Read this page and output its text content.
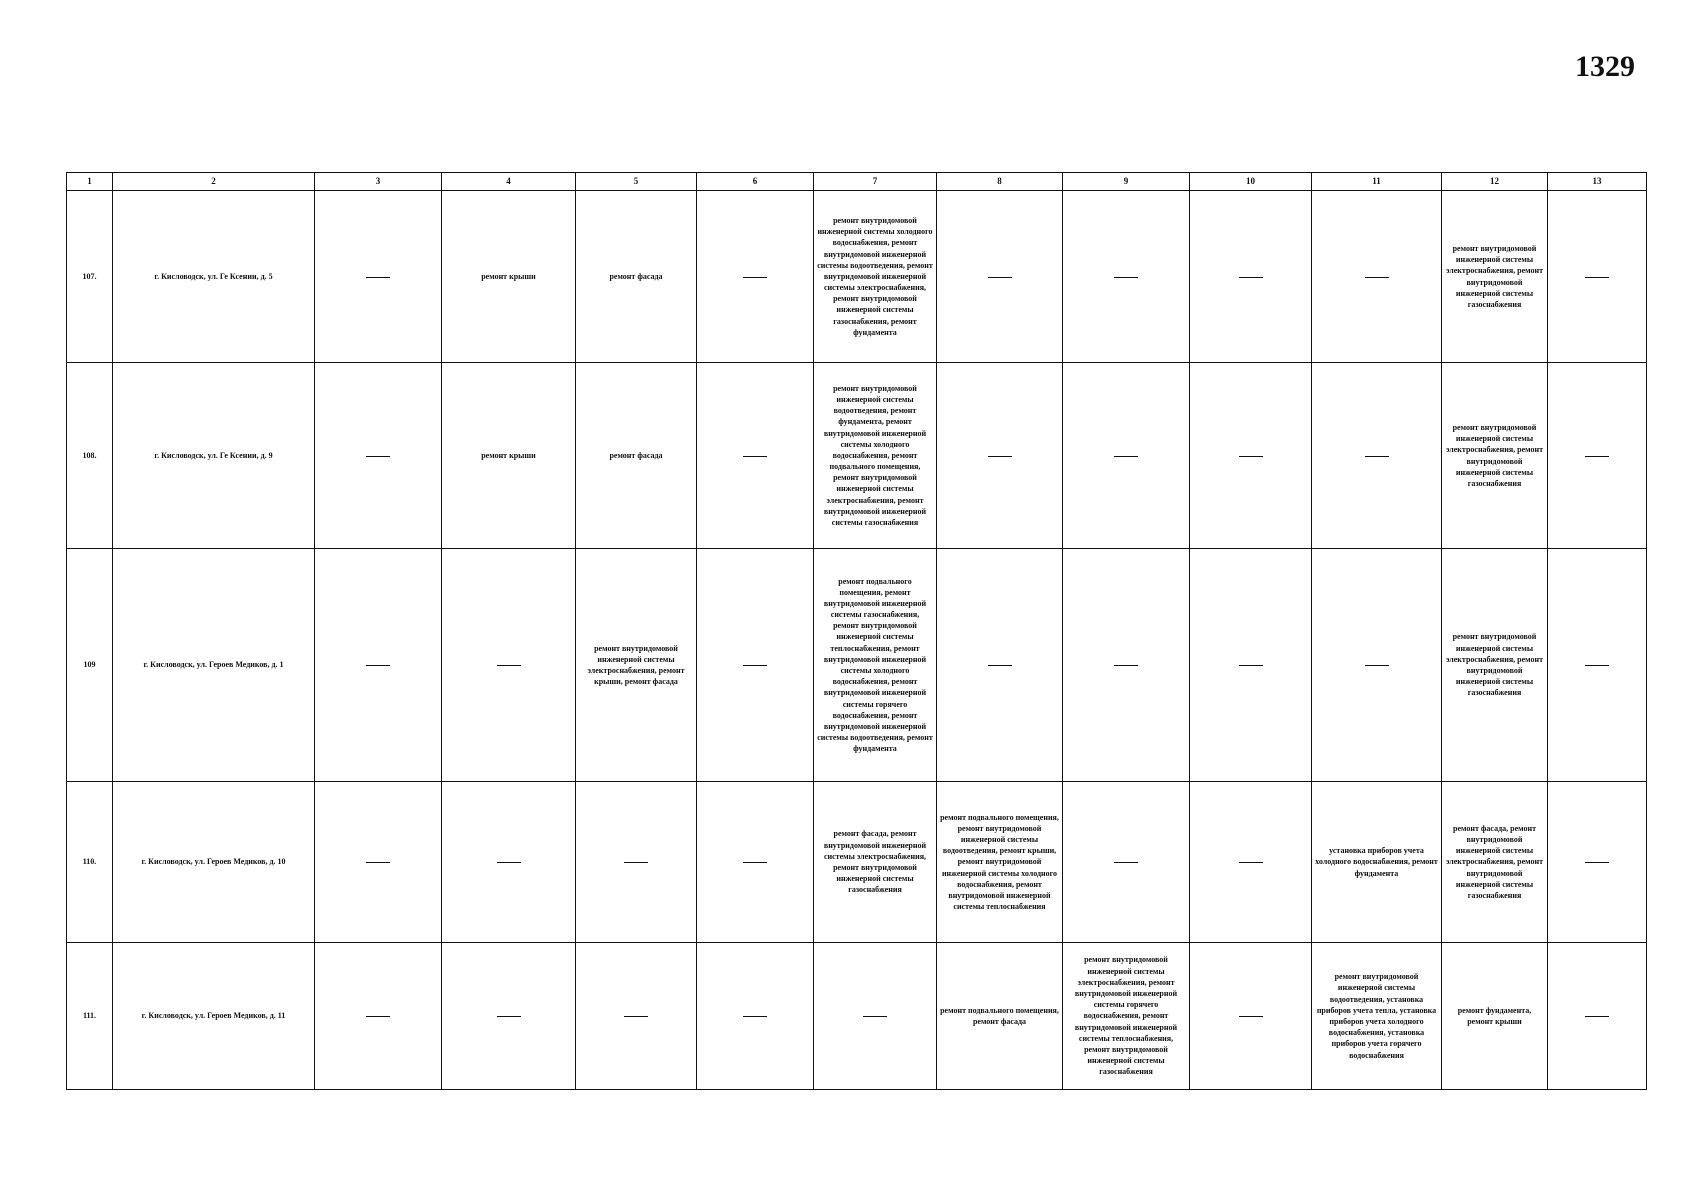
1329
1	2	3	4	5	6	7	8	9	10	11	12	13
107.	г. Кисловодск, ул. Ге Ксении, д. 5		ремонт крыши	ремонт фасада		ремонт внутридомовой инженерной системы холодного водоснабжения, ремонт внутридомовой инженерной системы водоотведения, ремонт внутридомовой инженерной системы электроснабжения, ремонт внутридомовой инженерной системы газоснабжения, ремонт фундамента					ремонт внутридомовой инженерной системы электроснабжения, ремонт внутридомовой инженерной системы газоснабжения	
108.	г. Кисловодск, ул. Ге Ксении, д. 9		ремонт крыши	ремонт фасада		ремонт внутридомовой инженерной системы водоотведения, ремонт фундамента, ремонт внутридомовой инженерной системы холодного водоснабжения, ремонт подвального помещения, ремонт внутридомовой инженерной системы электроснабжения, ремонт внутридомовой инженерной системы газоснабжения					ремонт внутридомовой инженерной системы электроснабжения, ремонт внутридомовой инженерной системы газоснабжения	
109	г. Кисловодск, ул. Героев Медиков, д. 1			ремонт внутридомовой инженерной системы электроснабжения, ремонт крыши, ремонт фасада		ремонт подвального помещения, ремонт внутридомовой инженерной системы газоснабжения, ремонт внутридомовой инженерной системы теплоснабжения, ремонт внутридомовой инженерной системы холодного водоснабжения, ремонт внутридомовой инженерной системы горячего водоснабжения, ремонт внутридомовой инженерной системы водоотведения, ремонт фундамента					ремонт внутридомовой инженерной системы электроснабжения, ремонт внутридомовой инженерной системы газоснабжения	
110.	г. Кисловодск, ул. Героев Медиков, д. 10					ремонт фасада, ремонт внутридомовой инженерной системы электроснабжения, ремонт внутридомовой инженерной системы газоснабжения	ремонт подвального помещения, ремонт внутридомовой инженерной системы водоотведения, ремонт крыши, ремонт внутридомовой инженерной системы холодного водоснабжения, ремонт внутридомовой инженерной системы теплоснабжения			установка приборов учета холодного водоснабжения, ремонт фундамента	ремонт фасада, ремонт внутридомовой инженерной системы электроснабжения, ремонт внутридомовой инженерной системы газоснабжения	
111.	г. Кисловодск, ул. Героев Медиков, д. 11						ремонт подвального помещения, ремонт фасада	ремонт внутридомовой инженерной системы электроснабжения, ремонт внутридомовой инженерной системы горячего водоснабжения, ремонт внутридомовой инженерной системы теплоснабжения, ремонт внутридомовой инженерной системы газоснабжения		ремонт внутридомовой инженерной системы водоотведения, установка приборов учета тепла, установка приборов учета холодного водоснабжения, установка приборов учета горячего водоснабжения	ремонт фундамента, ремонт крыши	
